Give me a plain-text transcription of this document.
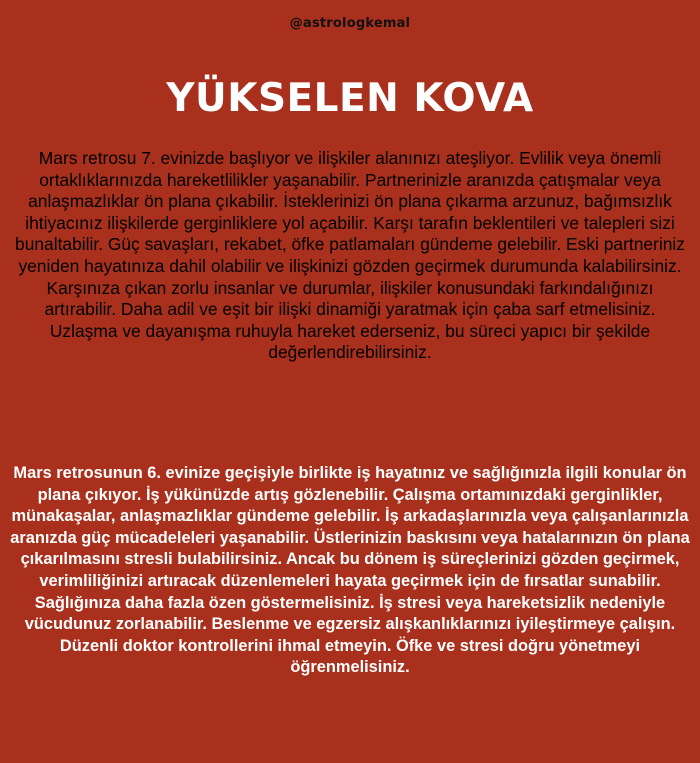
@astrologkemal
YÜKSELEN KOVA
Mars retrosu 7. evinizde başlıyor ve ilişkiler alanınızı ateşliyor. Evlilik veya önemli ortaklıklarınızda hareketlilikler yaşanabilir. Partnerinizle aranızda çatışmalar veya anlaşmazlıklar ön plana çıkabilir. İsteklerinizi ön plana çıkarma arzunuz, bağımsızlık ihtiyacınız ilişkilerde gerginliklere yol açabilir. Karşı tarafın beklentileri ve talepleri sizi bunaltabilir. Güç savaşları, rekabet, öfke patlamaları gündeme gelebilir. Eski partneriniz yeniden hayatınıza dahil olabilir ve ilişkinizi gözden geçirmek durumunda kalabilirsiniz. Karşınıza çıkan zorlu insanlar ve durumlar, ilişkiler konusundaki farkındalığınızı artırabilir. Daha adil ve eşit bir ilişki dinamiği yaratmak için çaba sarf etmelisiniz. Uzlaşma ve dayanışma ruhuyla hareket ederseniz, bu süreci yapıcı bir şekilde değerlendirebilirsiniz.
Mars retrosunun 6. evinize geçişiyle birlikte iş hayatınız ve sağlığınızla ilgili konular ön plana çıkıyor. İş yükünüzde artış gözlenebilir. Çalışma ortamınızdaki gerginlikler, münakaşalar, anlaşmazlıklar gündeme gelebilir. İş arkadaşlarınızla veya çalışanlarınızla aranızda güç mücadeleleri yaşanabilir. Üstlerinizin baskısını veya hatalarınızın ön plana çıkarılmasını stresli bulabilirsiniz. Ancak bu dönem iş süreçlerinizi gözden geçirmek, verimliliğinizi artıracak düzenlemeleri hayata geçirmek için de fırsatlar sunabilir. Sağlığınıza daha fazla özen göstermelisiniz. İş stresi veya hareketsizlik nedeniyle vücudunuz zorlanabilir. Beslenme ve egzersiz alışkanlıklarınızı iyileştirmeye çalışın. Düzenli doktor kontrollerini ihmal etmeyin. Öfke ve stresi doğru yönetmeyi öğrenmelisiniz.
